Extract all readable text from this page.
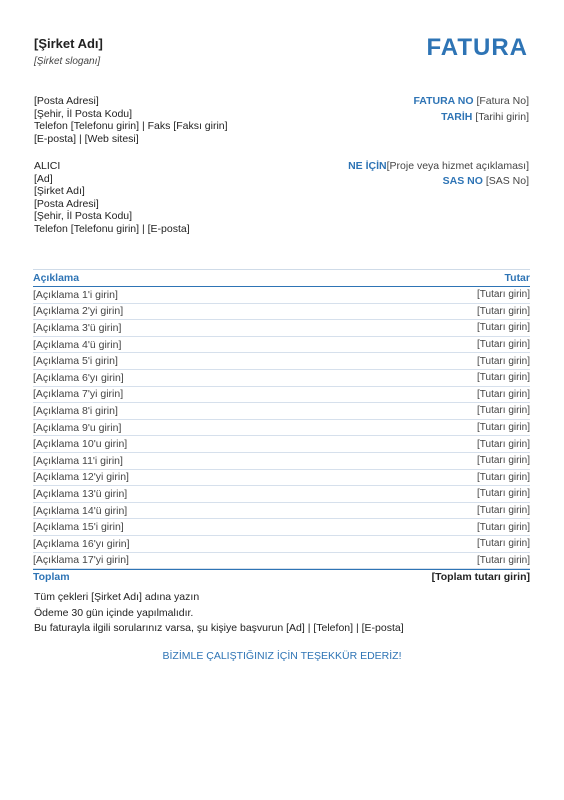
[Şirket Adı]
[Şirket sloganı]
FATURA
[Posta Adresi]
[Şehir, İl Posta Kodu]
Telefon [Telefonu girin] | Faks [Faksı girin]
[E-posta] | [Web sitesi]
FATURA NO [Fatura No]
TARİH [Tarihi girin]
NE İÇİN[Proje veya hizmet açıklaması]
SAS NO [SAS No]
ALICI
[Ad]
[Şirket Adı]
[Posta Adresi]
[Şehir, İl Posta Kodu]
Telefon [Telefonu girin] | [E-posta]
Açıklama	Tutar
[Açıklama 1'i girin]	[Tutarı girin]
[Açıklama 2'yi girin]	[Tutarı girin]
[Açıklama 3'ü girin]	[Tutarı girin]
[Açıklama 4'ü girin]	[Tutarı girin]
[Açıklama 5'i girin]	[Tutarı girin]
[Açıklama 6'yı girin]	[Tutarı girin]
[Açıklama 7'yi girin]	[Tutarı girin]
[Açıklama 8'i girin]	[Tutarı girin]
[Açıklama 9'u girin]	[Tutarı girin]
[Açıklama 10'u girin]	[Tutarı girin]
[Açıklama 11'i girin]	[Tutarı girin]
[Açıklama 12'yi girin]	[Tutarı girin]
[Açıklama 13'ü girin]	[Tutarı girin]
[Açıklama 14'ü girin]	[Tutarı girin]
[Açıklama 15'i girin]	[Tutarı girin]
[Açıklama 16'yı girin]	[Tutarı girin]
[Açıklama 17'yi girin]	[Tutarı girin]
Toplam	[Toplam tutarı girin]
Tüm çekleri [Şirket Adı] adına yazın
Ödeme 30 gün içinde yapılmalıdır.
Bu faturayla ilgili sorularınız varsa, şu kişiye başvurun [Ad] | [Telefon] | [E-posta]
BİZİMLE ÇALIŞTIĞINIZ İÇİN TEŞEKKÜR EDERİZ!
